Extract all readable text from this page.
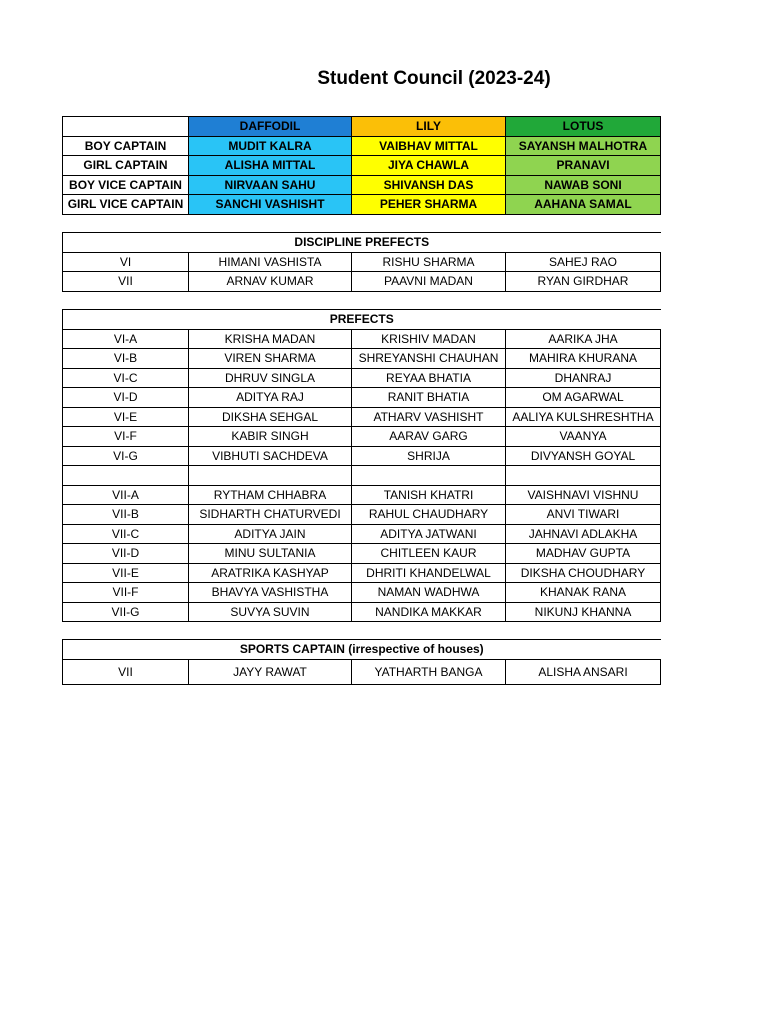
Student Council (2023-24)
	DAFFODIL	LILY	LOTUS
BOY CAPTAIN	MUDIT KALRA	VAIBHAV MITTAL	SAYANSH MALHOTRA
GIRL CAPTAIN	ALISHA MITTAL	JIYA CHAWLA	PRANAVI
BOY VICE CAPTAIN	NIRVAAN SAHU	SHIVANSH DAS	NAWAB SONI
GIRL VICE CAPTAIN	SANCHI VASHISHT	PEHER SHARMA	AAHANA SAMAL
DISCIPLINE PREFECTS			
VI	HIMANI VASHISTA	RISHU SHARMA	SAHEJ RAO
VII	ARNAV KUMAR	PAAVNI MADAN	RYAN GIRDHAR
PREFECTS			
VI-A	KRISHA MADAN	KRISHIV MADAN	AARIKA JHA
VI-B	VIREN SHARMA	SHREYANSHI CHAUHAN	MAHIRA KHURANA
VI-C	DHRUV SINGLA	REYAA BHATIA	DHANRAJ
VI-D	ADITYA RAJ	RANIT BHATIA	OM AGARWAL
VI-E	DIKSHA SEHGAL	ATHARV VASHISHT	AALIYA KULSHRESHTHA
VI-F	KABIR SINGH	AARAV GARG	VAANYA
VI-G	VIBHUTI SACHDEVA	SHRIJA	DIVYANSH GOYAL

VII-A	RYTHAM CHHABRA	TANISH KHATRI	VAISHNAVI VISHNU
VII-B	SIDHARTH CHATURVEDI	RAHUL CHAUDHARY	ANVI TIWARI
VII-C	ADITYA JAIN	ADITYA JATWANI	JAHNAVI ADLAKHA
VII-D	MINU SULTANIA	CHITLEEN KAUR	MADHAV GUPTA
VII-E	ARATRIKA KASHYAP	DHRITI KHANDELWAL	DIKSHA CHOUDHARY
VII-F	BHAVYA VASHISTHA	NAMAN WADHWA	KHANAK RANA
VII-G	SUVYA SUVIN	NANDIKA MAKKAR	NIKUNJ KHANNA
SPORTS CAPTAIN (irrespective of houses)
VII	JAYY RAWAT	YATHARTH BANGA	ALISHA ANSARI
